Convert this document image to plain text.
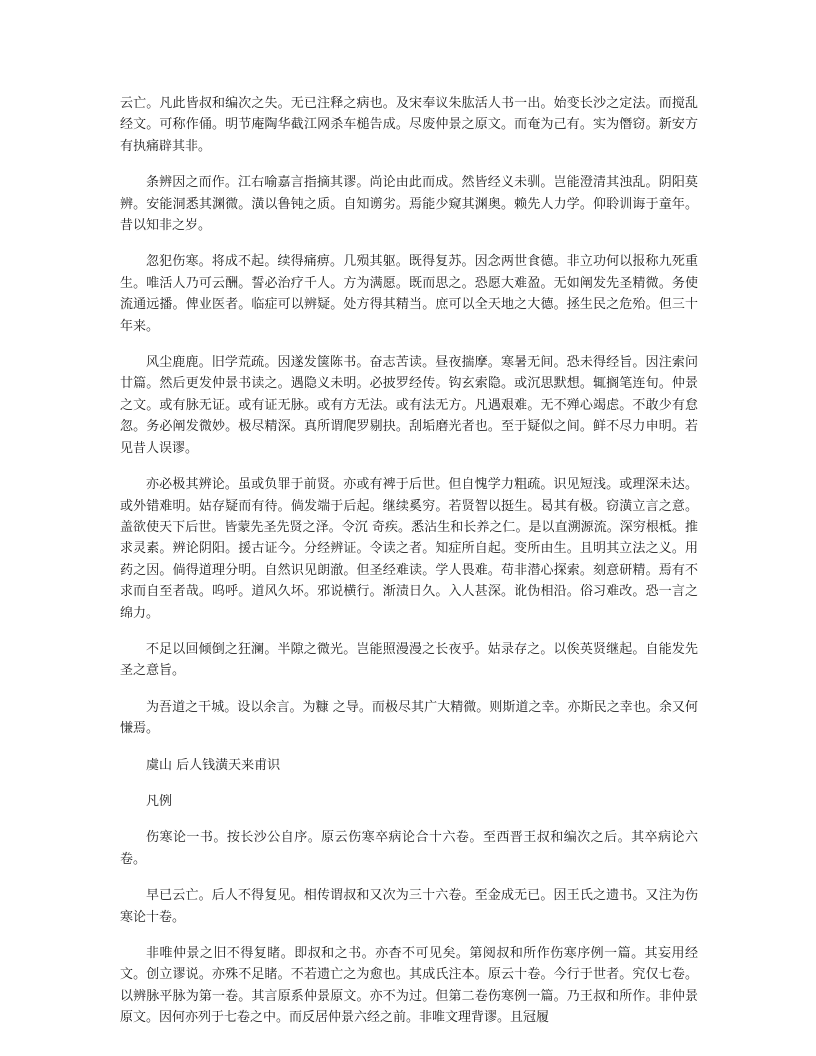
云亡。凡此皆叔和编次之失。无已注释之病也。及宋奉议朱肱活人书一出。始变长沙之定法。而搅乱经文。可称作俑。明节庵陶华截江网杀车槌告成。尽废仲景之原文。而奄为己有。实为僭窃。新安方有执痛辟其非。

条辨因之而作。江右喻嘉言指摘其谬。尚论由此而成。然皆经义未驯。岂能澄清其浊乱。阴阳莫辨。安能洞悉其渊微。潢以鲁钝之质。自知谫劣。焉能少窥其渊奥。赖先人力学。仰聆训诲于童年。昔以知非之岁。

忽犯伤寒。将成不起。续得痛痹。几殒其躯。既得复苏。因念两世食德。非立功何以报称九死重生。唯活人乃可云酬。誓必治疗千人。方为满愿。既而思之。恐愿大难盈。无如阐发先圣精微。务使流通远播。俾业医者。临症可以辨疑。处方得其精当。庶可以全天地之大德。拯生民之危殆。但三十年来。

风尘鹿鹿。旧学荒疏。因遂发箧陈书。奋志苦读。昼夜揣摩。寒暑无间。恐未得经旨。因注索问廿篇。然后更发仲景书读之。遇隐义未明。必披罗经传。钩玄索隐。或沉思默想。辄搁笔连旬。仲景之文。或有脉无证。或有证无脉。或有方无法。或有法无方。凡遇艰难。无不殚心竭虑。不敢少有怠忽。务必阐发微妙。极尽精深。真所谓爬罗剔抉。刮垢磨光者也。至于疑似之间。鲜不尽力申明。若见昔人误谬。

亦必极其辨论。虽或负罪于前贤。亦或有裨于后世。但自愧学力粗疏。识见短浅。或理深未达。或外错难明。姑存疑而有待。倘发端于后起。继续奚穷。若贤智以挺生。曷其有极。窃潢立言之意。盖欲使天下后世。皆蒙先圣先贤之泽。令沉 奇疾。悉沾生和长养之仁。是以直溯源流。深穷根柢。推求灵素。辨论阴阳。援古证今。分经辨证。令读之者。知症所自起。变所由生。且明其立法之义。用药之因。倘得道理分明。自然识见朗澈。但圣经难读。学人畏难。苟非潜心探索。刻意研精。焉有不求而自至者哉。呜呼。道风久坏。邪说横行。渐渍日久。入人甚深。讹伪相沿。俗习难改。恐一言之绵力。

不足以回倾倒之狂澜。半隙之微光。岂能照漫漫之长夜乎。姑录存之。以俟英贤继起。自能发先圣之意旨。

为吾道之干城。设以余言。为糠 之导。而极尽其广大精微。则斯道之幸。亦斯民之幸也。余又何慊焉。

虞山 后人钱潢天来甫识

凡例

伤寒论一书。按长沙公自序。原云伤寒卒病论合十六卷。至西晋王叔和编次之后。其卒病论六卷。

早已云亡。后人不得复见。相传谓叔和又次为三十六卷。至金成无已。因王氏之遗书。又注为伤寒论十卷。

非唯仲景之旧不得复睹。即叔和之书。亦杳不可见矣。第阅叔和所作伤寒序例一篇。其妄用经文。创立谬说。亦殊不足睹。不若遗亡之为愈也。其成氏注本。原云十卷。今行于世者。究仅七卷。以辨脉平脉为第一卷。其言原系仲景原文。亦不为过。但第二卷伤寒例一篇。乃王叔和所作。非仲景原文。因何亦列于七卷之中。而反居仲景六经之前。非唯文理背谬。且冠履
